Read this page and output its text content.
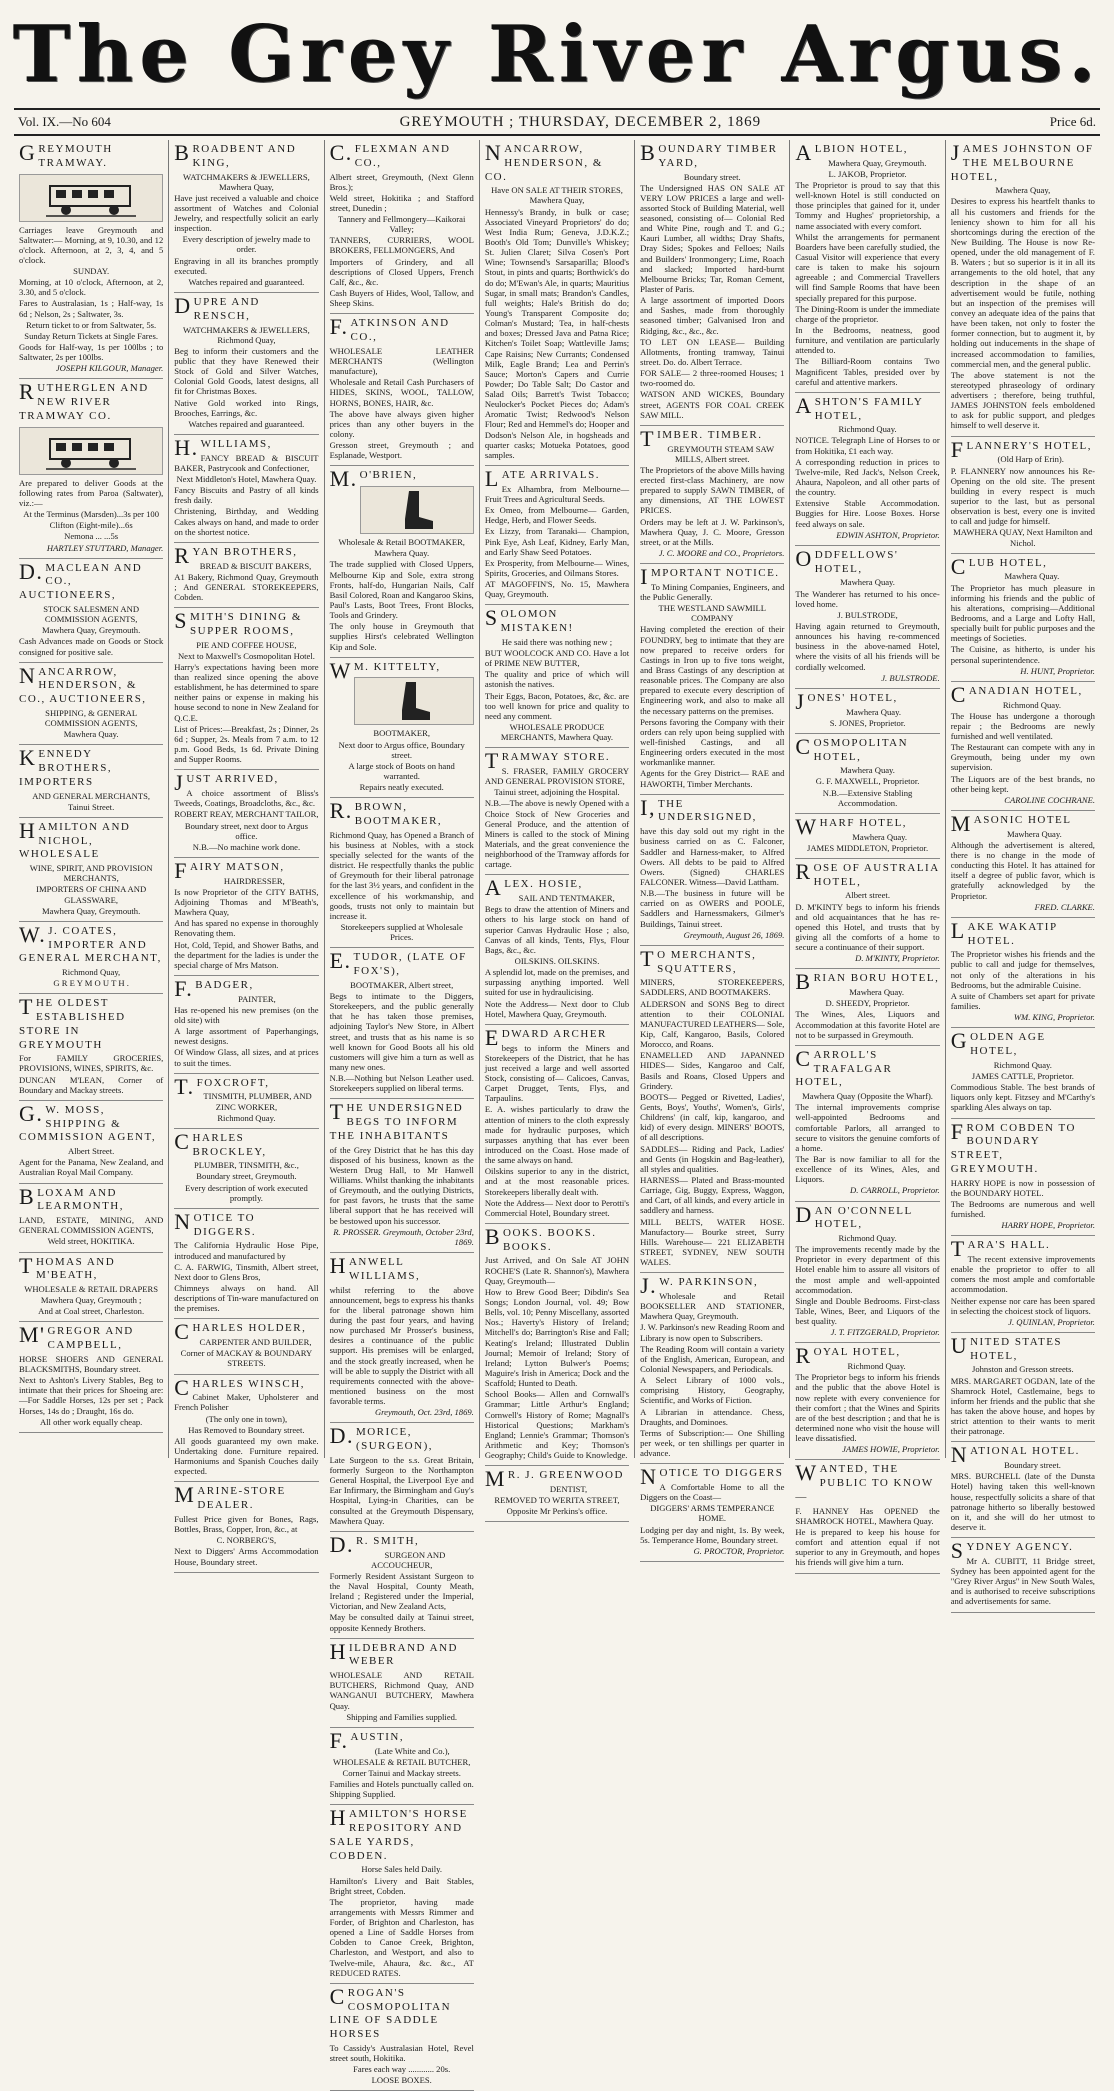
The Grey River Argus.
Vol. IX.—No 604	GREYMOUTH ; THURSDAY, DECEMBER 2, 1869	Price 6d.
GREYMOUTH TRAMWAY.
Carriages leave Greymouth and Saltwater:— Morning, at 9, 10.30, and 12 o'clock. Afternoon, at 2, 3, 4, and 5 o'clock.
SUNDAY.
Morning, at 10 o'clock, Afternoon, at 2, 3.30, and 5 o'clock.
Fares to Australasian, 1s ; Half-way, 1s 6d ; Nelson, 2s ; Saltwater, 3s.
Return ticket to or from Saltwater, 5s.
Sunday Return Tickets at Single Fares.
Goods for Half-way, 1s per 100lbs ; to Saltwater, 2s per 100lbs.
JOSEPH KILGOUR, Manager.
RUTHERGLEN AND NEW RIVER TRAMWAY CO.
Are prepared to deliver Goods at the following rates from Paroa (Saltwater), viz.:—
At the Terminus (Marsden)...3s per 100
Clifton (Eight-mile)...6s
Nemona ... ...5s
HARTLEY STUTTARD, Manager.
D.MACLEAN AND CO., AUCTIONEERS,
STOCK SALESMEN AND COMMISSION AGENTS,
Mawhera Quay, Greymouth.
Cash Advances made on Goods or Stock consigned for positive sale.
NANCARROW, HENDERSON, & CO., AUCTIONEERS,
SHIPPING, & GENERAL COMMISSION AGENTS,
Mawhera Quay.
KENNEDY BROTHERS, IMPORTERS
AND GENERAL MERCHANTS,
Tainui Street.
HAMILTON AND NICHOL, WHOLESALE
WINE, SPIRIT, AND PROVISION MERCHANTS,
IMPORTERS OF CHINA AND GLASSWARE,
Mawhera Quay, Greymouth.
W.J. COATES, IMPORTER AND GENERAL MERCHANT,
Richmond Quay,
G R E Y M O U T H .
THE OLDEST ESTABLISHED STORE IN GREYMOUTH
For FAMILY GROCERIES, PROVISIONS, WINES, SPIRITS, &c.
DUNCAN M'LEAN, Corner of Boundary and Mackay streets.
G.W. MOSS, SHIPPING & COMMISSION AGENT,
Albert Street.
Agent for the Panama, New Zealand, and Australian Royal Mail Company.
BLOXAM AND LEARMONTH,
LAND, ESTATE, MINING, AND GENERAL COMMISSION AGENTS,
Weld street, HOKITIKA.
THOMAS AND M'BEATH,
WHOLESALE & RETAIL DRAPERS
Mawhera Quay, Greymouth ;
And at Coal street, Charleston.
M'GREGOR AND CAMPBELL,
HORSE SHOERS AND GENERAL BLACKSMITHS, Boundary street.
Next to Ashton's Livery Stables, Beg to intimate that their prices for Shoeing are:—For Saddle Horses, 12s per set ; Pack Horses, 14s do ; Draught, 16s do.
All other work equally cheap.
BROADBENT AND KING,
WATCHMAKERS & JEWELLERS, Mawhera Quay,
Have just received a valuable and choice assortment of Watches and Colonial Jewelry, and respectfully solicit an early inspection.
Every description of jewelry made to order.
Engraving in all its branches promptly executed.
Watches repaired and guaranteed.
DUPRE AND RENSCH,
WATCHMAKERS & JEWELLERS, Richmond Quay,
Beg to inform their customers and the public that they have Renewed their Stock of Gold and Silver Watches, Colonial Gold Goods, latest designs, all fit for Christmas Boxes.
Native Gold worked into Rings, Brooches, Earrings, &c.
Watches repaired and guaranteed.
H.WILLIAMS,
FANCY BREAD & BISCUIT BAKER, Pastrycook and Confectioner,
Next Middleton's Hotel, Mawhera Quay.
Fancy Biscuits and Pastry of all kinds fresh daily.
Christening, Birthday, and Wedding Cakes always on hand, and made to order on the shortest notice.
RYAN BROTHERS,
BREAD & BISCUIT BAKERS,
A1 Bakery, Richmond Quay, Greymouth ; And GENERAL STOREKEEPERS, Cobden.
SMITH'S DINING & SUPPER ROOMS,
PIE AND COFFEE HOUSE,
Next to Maxwell's Cosmopolitan Hotel.
Harry's expectations having been more than realized since opening the above establishment, he has determined to spare neither pains or expense in making his house second to none in New Zealand for Q.C.E.
List of Prices:—Breakfast, 2s ; Dinner, 2s 6d ; Supper, 2s. Meals from 7 a.m. to 12 p.m. Good Beds, 1s 6d. Private Dining and Supper Rooms.
JUST ARRIVED,
A choice assortment of Bliss's Tweeds, Coatings, Broadcloths, &c., &c.
ROBERT REAY, MERCHANT TAILOR,
Boundary street, next door to Argus office.
N.B.—No machine work done.
FAIRY MATSON,
HAIRDRESSER,
Is now Proprietor of the CITY BATHS, Adjoining Thomas and M'Beath's, Mawhera Quay,
And has spared no expense in thoroughly Renovating them.
Hot, Cold, Tepid, and Shower Baths, and the department for the ladies is under the special charge of Mrs Matson.
F.BADGER,
PAINTER,
Has re-opened his new premises (on the old site) with
A large assortment of Paperhangings, newest designs.
Of Window Glass, all sizes, and at prices to suit the times.
T.FOXCROFT,
TINSMITH, PLUMBER, AND ZINC WORKER,
Richmond Quay.
CHARLES BROCKLEY,
PLUMBER, TINSMITH, &c.,
Boundary street, Greymouth.
Every description of work executed promptly.
NOTICE TO DIGGERS.
The California Hydraulic Hose Pipe, introduced and manufactured by
C. A. FARWIG, Tinsmith, Albert street, Next door to Glens Bros,
Chimneys always on hand. All descriptions of Tin-ware manufactured on the premises.
CHARLES HOLDER,
CARPENTER AND BUILDER,
Corner of MACKAY & BOUNDARY STREETS.
CHARLES WINSCH,
Cabinet Maker, Upholsterer and French Polisher
(The only one in town),
Has Removed to Boundary street.
All goods guaranteed my own make. Undertaking done. Furniture repaired. Harmoniums and Spanish Couches daily expected.
MARINE-STORE DEALER.
Fullest Price given for Bones, Rags, Bottles, Brass, Copper, Iron, &c., at
C. NORBERG'S,
Next to Diggers' Arms Accommodation House, Boundary street.
C.FLEXMAN AND CO.,
Albert street, Greymouth, (Next Glenn Bros.);
Weld street, Hokitika ; and Stafford street, Dunedin ;
Tannery and Fellmongery—Kaikorai Valley;
TANNERS, CURRIERS, WOOL BROKERS, FELLMONGERS, And
Importers of Grindery, and all descriptions of Closed Uppers, French Calf, &c., &c.
Cash Buyers of Hides, Wool, Tallow, and Sheep Skins.
F.ATKINSON AND CO.,
WHOLESALE LEATHER MERCHANTS (Wellington manufacture),
Wholesale and Retail Cash Purchasers of HIDES, SKINS, WOOL, TALLOW, HORNS, BONES, HAIR, &c.
The above have always given higher prices than any other buyers in the colony.
Gresson street, Greymouth ; and Esplanade, Westport.
M.O'BRIEN,
Wholesale & Retail BOOTMAKER,
Mawhera Quay.
The trade supplied with Closed Uppers, Melbourne Kip and Sole, extra strong Fronts, half-do, Hungarian Nails, Calf Basil Colored, Roan and Kangaroo Skins, Paul's Lasts, Boot Trees, Front Blocks, Tools and Grindery.
The only house in Greymouth that supplies Hirst's celebrated Wellington Kip and Sole.
WM. KITTELTY,
BOOTMAKER,
Next door to Argus office, Boundary street.
A large stock of Boots on hand warranted.
Repairs neatly executed.
R.BROWN, BOOTMAKER,
Richmond Quay, has Opened a Branch of his business at Nobles, with a stock specially selected for the wants of the district. He respectfully thanks the public of Greymouth for their liberal patronage for the last 3½ years, and confident in the excellence of his workmanship, and goods, trusts not only to maintain but increase it.
Storekeepers supplied at Wholesale Prices.
E.TUDOR, (LATE OF FOX'S),
BOOTMAKER, Albert street,
Begs to intimate to the Diggers, Storekeepers, and the public generally that he has taken those premises, adjoining Taylor's New Store, in Albert street, and trusts that as his name is so well known for Good Boots all his old customers will give him a turn as well as many new ones.
N.B.—Nothing but Nelson Leather used. Storekeepers supplied on liberal terms.
THE UNDERSIGNED BEGS TO INFORM THE INHABITANTS
of the Grey District that he has this day disposed of his business, known as the Western Drug Hall, to Mr Hanwell Williams. Whilst thanking the inhabitants of Greymouth, and the outlying Districts, for past favors, he trusts that the same liberal support that he has received will be bestowed upon his successor.
R. PROSSER. Greymouth, October 23rd, 1869.
HANWELL WILLIAMS,
whilst referring to the above announcement, begs to express his thanks for the liberal patronage shown him during the past four years, and having now purchased Mr Prosser's business, desires a continuance of the public support. His premises will be enlarged, and the stock greatly increased, when he will be able to supply the District with all requirements connected with the above-mentioned business on the most favorable terms.
Greymouth, Oct. 23rd, 1869.
D.MORICE, (SURGEON),
Late Surgeon to the s.s. Great Britain, formerly Surgeon to the Northampton General Hospital, the Liverpool Eye and Ear Infirmary, the Birmingham and Guy's Hospital, Lying-in Charities, can be consulted at the Greymouth Dispensary, Mawhera Quay.
D.R. SMITH,
SURGEON AND ACCOUCHEUR,
Formerly Resident Assistant Surgeon to the Naval Hospital, County Meath, Ireland ; Registered under the Imperial, Victorian, and New Zealand Acts,
May be consulted daily at Tainui street, opposite Kennedy Brothers.
HILDEBRAND AND WEBER
WHOLESALE AND RETAIL BUTCHERS, Richmond Quay, AND WANGANUI BUTCHERY, Mawhera Quay.
Shipping and Families supplied.
F.AUSTIN,
(Late White and Co.),
WHOLESALE & RETAIL BUTCHER,
Corner Tainui and Mackay streets.
Families and Hotels punctually called on. Shipping Supplied.
HAMILTON'S HORSE REPOSITORY AND SALE YARDS, COBDEN.
Horse Sales held Daily.
Hamilton's Livery and Bait Stables, Bright street, Cobden.
The proprietor, having made arrangements with Messrs Rimmer and Forder, of Brighton and Charleston, has opened a Line of Saddle Horses from Cobden to Canoe Creek, Brighton, Charleston, and Westport, and also to Twelve-mile, Ahaura, &c. &c., AT REDUCED RATES.
CROGAN'S COSMOPOLITAN LINE OF SADDLE HORSES
To Cassidy's Australasian Hotel, Revel street south, Hokitika.
Fares each way ............ 20s.
LOOSE BOXES.
NANCARROW, HENDERSON, & CO.
Have ON SALE AT THEIR STORES, Mawhera Quay,
Hennessy's Brandy, in bulk or case; Associated Vineyard Proprietors' do do; West India Rum; Geneva, J.D.K.Z.; Booth's Old Tom; Dunville's Whiskey; St. Julien Claret; Silva Cosen's Port Wine; Townsend's Sarsaparilla; Blood's Stout, in pints and quarts; Borthwick's do do do; M'Ewan's Ale, in quarts; Mauritius Sugar, in small mats; Brandon's Candles, full weights; Hale's British do do; Young's Transparent Composite do; Colman's Mustard; Tea, in half-chests and boxes; Dressed Java and Patna Rice; Kitchen's Toilet Soap; Wattleville Jams; Cape Raisins; New Currants; Condensed Milk, Eagle Brand; Lea and Perrin's Sauce; Morton's Capers and Currie Powder; Do Table Salt; Do Castor and Salad Oils; Barrett's Twist Tobacco; Neulocker's Pocket Pieces do; Adam's Aromatic Twist; Redwood's Nelson Flour; Red and Hemmel's do; Hooper and Dodson's Nelson Ale, in hogsheads and quarter casks; Motueka Potatoes, good samples.
LATE ARRIVALS.
Ex Alhambra, from Melbourne— Fruit Trees and Agricultural Seeds.
Ex Omeo, from Melbourne— Garden, Hedge, Herb, and Flower Seeds.
Ex Lizzy, from Taranaki— Champion, Pink Eye, Ash Leaf, Kidney, Early Man, and Early Shaw Seed Potatoes.
Ex Prosperity, from Melbourne— Wines, Spirits, Groceries, and Oilmans Stores.
AT MAGOFFIN'S, No. 15, Mawhera Quay, Greymouth.
SOLOMON MISTAKEN!
He said there was nothing new ;
BUT WOOLCOCK AND CO. Have a lot of PRIME NEW BUTTER,
The quality and price of which will astonish the natives.
Their Eggs, Bacon, Potatoes, &c, &c. are too well known for price and quality to need any comment.
WHOLESALE PRODUCE MERCHANTS, Mawhera Quay.
TRAMWAY STORE.
S. FRASER, FAMILY GROCERY AND GENERAL PROVISION STORE,
Tainui street, adjoining the Hospital.
N.B.—The above is newly Opened with a Choice Stock of New Groceries and General Produce, and the attention of Miners is called to the stock of Mining Materials, and the great convenience the neighborhood of the Tramway affords for cartage.
ALEX. HOSIE,
SAIL AND TENTMAKER,
Begs to draw the attention of Miners and others to his large stock on hand of superior Canvas Hydraulic Hose ; also, Canvas of all kinds, Tents, Flys, Flour Bags, &c., &c.
OILSKINS. OILSKINS.
A splendid lot, made on the premises, and surpassing anything imported. Well suited for use in hydraulicising.
Note the Address— Next door to Club Hotel, Mawhera Quay, Greymouth.
EDWARD ARCHER
begs to inform the Miners and Storekeepers of the District, that he has just received a large and well assorted Stock, consisting of— Calicoes, Canvas, Carpet Drugget, Tents, Flys, and Tarpaulins.
E. A. wishes particularly to draw the attention of miners to the cloth expressly made for hydraulic purposes, which surpasses anything that has ever been introduced on the Coast. Hose made of the same always on hand.
Oilskins superior to any in the district, and at the most reasonable prices. Storekeepers liberally dealt with.
Note the Address— Next door to Perotti's Commercial Hotel, Boundary street.
BOOKS. BOOKS. BOOKS.
Just Arrived, and On Sale AT JOHN ROCHE'S (Late R. Shannon's), Mawhera Quay, Greymouth—
How to Brew Good Beer; Dibdin's Sea Songs; London Journal, vol. 49; Bow Bells, vol. 10; Penny Miscellany, assorted Nos.; Haverty's History of Ireland; Mitchell's do; Barrington's Rise and Fall; Keating's Ireland; Illustrated Dublin Journal; Memoir of Ireland; Story of Ireland; Lytton Bulwer's Poems; Maguire's Irish in America; Dock and the Scaffold; Hunted to Death.
School Books— Allen and Cornwall's Grammar; Little Arthur's England; Cornwell's History of Rome; Magnall's Historical Questions; Markham's England; Lennie's Grammar; Thomson's Arithmetic and Key; Thomson's Geography; Child's Guide to Knowledge.
MR. J. GREENWOOD
DENTIST,
REMOVED TO WERITA STREET,
Opposite Mr Perkins's office.
BOUNDARY TIMBER YARD,
Boundary street.
The Undersigned HAS ON SALE AT VERY LOW PRICES a large and well-assorted Stock of Building Material, well seasoned, consisting of— Colonial Red and White Pine, rough and T. and G.; Kauri Lumber, all widths; Dray Shafts, Dray Sides; Spokes and Felloes; Nails and Builders' Ironmongery; Lime, Roach and slacked; Imported hard-burnt Melbourne Bricks; Tar, Roman Cement, Plaster of Paris.
A large assortment of imported Doors and Sashes, made from thoroughly seasoned timber; Galvanised Iron and Ridging, &c., &c., &c.
TO LET ON LEASE— Building Allotments, fronting tramway, Tainui street. Do. do. Albert Terrace.
FOR SALE— 2 three-roomed Houses; 1 two-roomed do.
WATSON AND WICKES, Boundary street, AGENTS FOR COAL CREEK SAW MILL.
TIMBER. TIMBER.
GREYMOUTH STEAM SAW MILLS, Albert street.
The Proprietors of the above Mills having erected first-class Machinery, are now prepared to supply SAWN TIMBER, of any dimensions, AT THE LOWEST PRICES.
Orders may be left at J. W. Parkinson's, Mawhera Quay, J. C. Moore, Gresson street, or at the Mills.
J. C. MOORE and CO., Proprietors.
IMPORTANT NOTICE.
To Mining Companies, Engineers, and the Public Generally.
THE WESTLAND SAWMILL COMPANY
Having completed the erection of their FOUNDRY, beg to intimate that they are now prepared to receive orders for Castings in Iron up to five tons weight, and Brass Castings of any description at reasonable prices. The Company are also prepared to execute every description of Engineering work, and also to make all the necessary patterns on the premises.
Persons favoring the Company with their orders can rely upon being supplied with well-finished Castings, and all Engineering orders executed in the most workmanlike manner.
Agents for the Grey District— RAE and HAWORTH, Timber Merchants.
I,THE UNDERSIGNED,
have this day sold out my right in the business carried on as C. Falconer, Saddler and Harness-maker, to Alfred Owers. All debts to be paid to Alfred Owers. (Signed) CHARLES FALCONER. Witness—David Lattham.
N.B.—The business in future will be carried on as OWERS and POOLE, Saddlers and Harnessmakers, Gilmer's Buildings, Tainui street.
Greymouth, August 26, 1869.
TO MERCHANTS, SQUATTERS,
MINERS, STOREKEEPERS, SADDLERS, AND BOOTMAKERS.
ALDERSON and SONS Beg to direct attention to their COLONIAL MANUFACTURED LEATHERS— Sole, Kip, Calf, Kangaroo, Basils, Colored Morocco, and Roans.
ENAMELLED AND JAPANNED HIDES— Sides, Kangaroo and Calf, Basils and Roans, Closed Uppers and Grindery.
BOOTS— Pegged or Rivetted, Ladies', Gents, Boys', Youths', Women's, Girls', Childrens' (in calf, kip, kangaroo, and kid) of every design. MINERS' BOOTS, of all descriptions.
SADDLES— Riding and Pack, Ladies' and Gents (in Hogskin and Bag-leather), all styles and qualities.
HARNESS— Plated and Brass-mounted Carriage, Gig, Buggy, Express, Waggon, and Cart, of all kinds, and every article in saddlery and harness.
MILL BELTS, WATER HOSE. Manufactory— Bourke street, Surry Hills. Warehouse— 221 ELIZABETH STREET, SYDNEY, NEW SOUTH WALES.
J.W. PARKINSON,
Wholesale and Retail BOOKSELLER AND STATIONER, Mawhera Quay, Greymouth.
J. W. Parkinson's new Reading Room and Library is now open to Subscribers.
The Reading Room will contain a variety of the English, American, European, and Colonial Newspapers, and Periodicals.
A Select Library of 1000 vols., comprising History, Geography, Scientific, and Works of Fiction.
A Librarian in attendance. Chess, Draughts, and Dominoes.
Terms of Subscription:— One Shilling per week, or ten shillings per quarter in advance.
NOTICE TO DIGGERS
A Comfortable Home to all the Diggers on the Coast—
DIGGERS' ARMS TEMPERANCE HOME.
Lodging per day and night, 1s. By week, 5s. Temperance Home, Boundary street.
G. PROCTOR, Proprietor.
ALBION HOTEL,
Mawhera Quay, Greymouth.
L. JAKOB, Proprietor.
The Proprietor is proud to say that this well-known Hotel is still conducted on those principles that gained for it, under Tommy and Hughes' proprietorship, a name associated with every comfort.
Whilst the arrangements for permanent Boarders have been carefully studied, the Casual Visitor will experience that every care is taken to make his sojourn agreeable ; and Commercial Travellers will find Sample Rooms that have been specially prepared for this purpose.
The Dining-Room is under the immediate charge of the proprietor.
In the Bedrooms, neatness, good furniture, and ventilation are particularly attended to.
The Billiard-Room contains Two Magnificent Tables, presided over by careful and attentive markers.
ASHTON'S FAMILY HOTEL,
Richmond Quay.
NOTICE. Telegraph Line of Horses to or from Hokitika, £1 each way.
A corresponding reduction in prices to Twelve-mile, Red Jack's, Nelson Creek, Ahaura, Napoleon, and all other parts of the country.
Extensive Stable Accommodation. Buggies for Hire. Loose Boxes. Horse feed always on sale.
EDWIN ASHTON, Proprietor.
ODDFELLOWS' HOTEL,
Mawhera Quay.
The Wanderer has returned to his once-loved home.
J. BULSTRODE,
Having again returned to Greymouth, announces his having re-commenced business in the above-named Hotel, where the visits of all his friends will be cordially welcomed.
J. BULSTRODE.
JONES' HOTEL,
Mawhera Quay.
S. JONES, Proprietor.
COSMOPOLITAN HOTEL,
Mawhera Quay.
G. F. MAXWELL, Proprietor.
N.B.—Extensive Stabling Accommodation.
WHARF HOTEL,
Mawhera Quay.
JAMES MIDDLETON, Proprietor.
ROSE OF AUSTRALIA HOTEL,
Albert street.
D. M'KINTY begs to inform his friends and old acquaintances that he has re-opened this Hotel, and trusts that by giving all the comforts of a home to secure a continuance of their support.
D. M'KINTY, Proprietor.
BRIAN BORU HOTEL,
Mawhera Quay.
D. SHEEDY, Proprietor.
The Wines, Ales, Liquors and Accommodation at this favorite Hotel are not to be surpassed in Greymouth.
CARROLL'S TRAFALGAR HOTEL,
Mawhera Quay (Opposite the Wharf).
The internal improvements comprise well-appointed Bedrooms and comfortable Parlors, all arranged to secure to visitors the genuine comforts of a home.
The Bar is now familiar to all for the excellence of its Wines, Ales, and Liquors.
D. CARROLL, Proprietor.
DAN O'CONNELL HOTEL,
Richmond Quay.
The improvements recently made by the Proprietor in every department of this Hotel enable him to assure all visitors of the most ample and well-appointed accommodation.
Single and Double Bedrooms. First-class Table, Wines, Beer, and Liquors of the best quality.
J. T. FITZGERALD, Proprietor.
ROYAL HOTEL,
Richmond Quay.
The Proprietor begs to inform his friends and the public that the above Hotel is now replete with every convenience for their comfort ; that the Wines and Spirits are of the best description ; and that he is determined none who visit the house will leave dissatisfied.
JAMES HOWIE, Proprietor.
WANTED, THE PUBLIC TO KNOW—
F. HANNEY Has OPENED the SHAMROCK HOTEL, Mawhera Quay.
He is prepared to keep his house for comfort and attention equal if not superior to any in Greymouth, and hopes his friends will give him a turn.
JAMES JOHNSTON OF THE MELBOURNE HOTEL,
Mawhera Quay,
Desires to express his heartfelt thanks to all his customers and friends for the leniency shown to him for all his shortcomings during the erection of the New Building. The House is now Re-opened, under the old management of F. B. Waters ; but so superior is it in all its arrangements to the old hotel, that any description in the shape of an advertisement would be futile, nothing but an inspection of the premises will convey an adequate idea of the pains that have been taken, not only to foster the former connection, but to augment it, by holding out inducements in the shape of increased accommodation to families, commercial men, and the general public.
The above statement is not the stereotyped phraseology of ordinary advertisers ; therefore, being truthful, JAMES JOHNSTON feels emboldened to ask for public support, and pledges himself to well deserve it.
FLANNERY'S HOTEL,
(Old Harp of Erin).
P. FLANNERY now announces his Re-Opening on the old site. The present building in every respect is much superior to the last, but as personal observation is best, every one is invited to call and judge for himself.
MAWHERA QUAY, Next Hamilton and Nichol.
CLUB HOTEL,
Mawhera Quay.
The Proprietor has much pleasure in informing his friends and the public of his alterations, comprising—Additional Bedrooms, and a Large and Lofty Hall, specially built for public purposes and the meetings of Societies.
The Cuisine, as hitherto, is under his personal superintendence.
H. HUNT, Proprietor.
CANADIAN HOTEL,
Richmond Quay.
The House has undergone a thorough repair ; the Bedrooms are newly furnished and well ventilated.
The Restaurant can compete with any in Greymouth, being under my own supervision.
The Liquors are of the best brands, no other being kept.
CAROLINE COCHRANE.
MASONIC HOTEL
Mawhera Quay.
Although the advertisement is altered, there is no change in the mode of conducting this Hotel. It has attained for itself a degree of public favor, which is gratefully acknowledged by the Proprietor.
FRED. CLARKE.
LAKE WAKATIP HOTEL.
The Proprietor wishes his friends and the public to call and judge for themselves, not only of the alterations in his Bedrooms, but the admirable Cuisine.
A suite of Chambers set apart for private families.
WM. KING, Proprietor.
GOLDEN AGE HOTEL,
Richmond Quay.
JAMES CATTLE, Proprietor.
Commodious Stable. The best brands of liquors only kept. Fitzsey and M'Carthy's sparkling Ales always on tap.
FROM COBDEN TO BOUNDARY STREET, GREYMOUTH.
HARRY HOPE is now in possession of the BOUNDARY HOTEL.
The Bedrooms are numerous and well furnished.
HARRY HOPE, Proprietor.
TARA'S HALL.
The recent extensive improvements enable the proprietor to offer to all comers the most ample and comfortable accommodation.
Neither expense nor care has been spared in selecting the choicest stock of liquors.
J. QUINLAN, Proprietor.
UNITED STATES HOTEL,
Johnston and Gresson streets.
MRS. MARGARET OGDAN, late of the Shamrock Hotel, Castlemaine, begs to inform her friends and the public that she has taken the above house, and hopes by strict attention to their wants to merit their patronage.
NATIONAL HOTEL.
Boundary street.
MRS. BURCHELL (late of the Dunsta Hotel) having taken this well-known house, respectfully solicits a share of that patronage hitherto so liberally bestowed on it, and she will do her utmost to deserve it.
SYDNEY AGENCY.
Mr A. CUBITT, 11 Bridge street, Sydney has been appointed agent for the "Grey River Argus" in New South Wales, and is authorised to receive subscriptions and advertisements for same.
